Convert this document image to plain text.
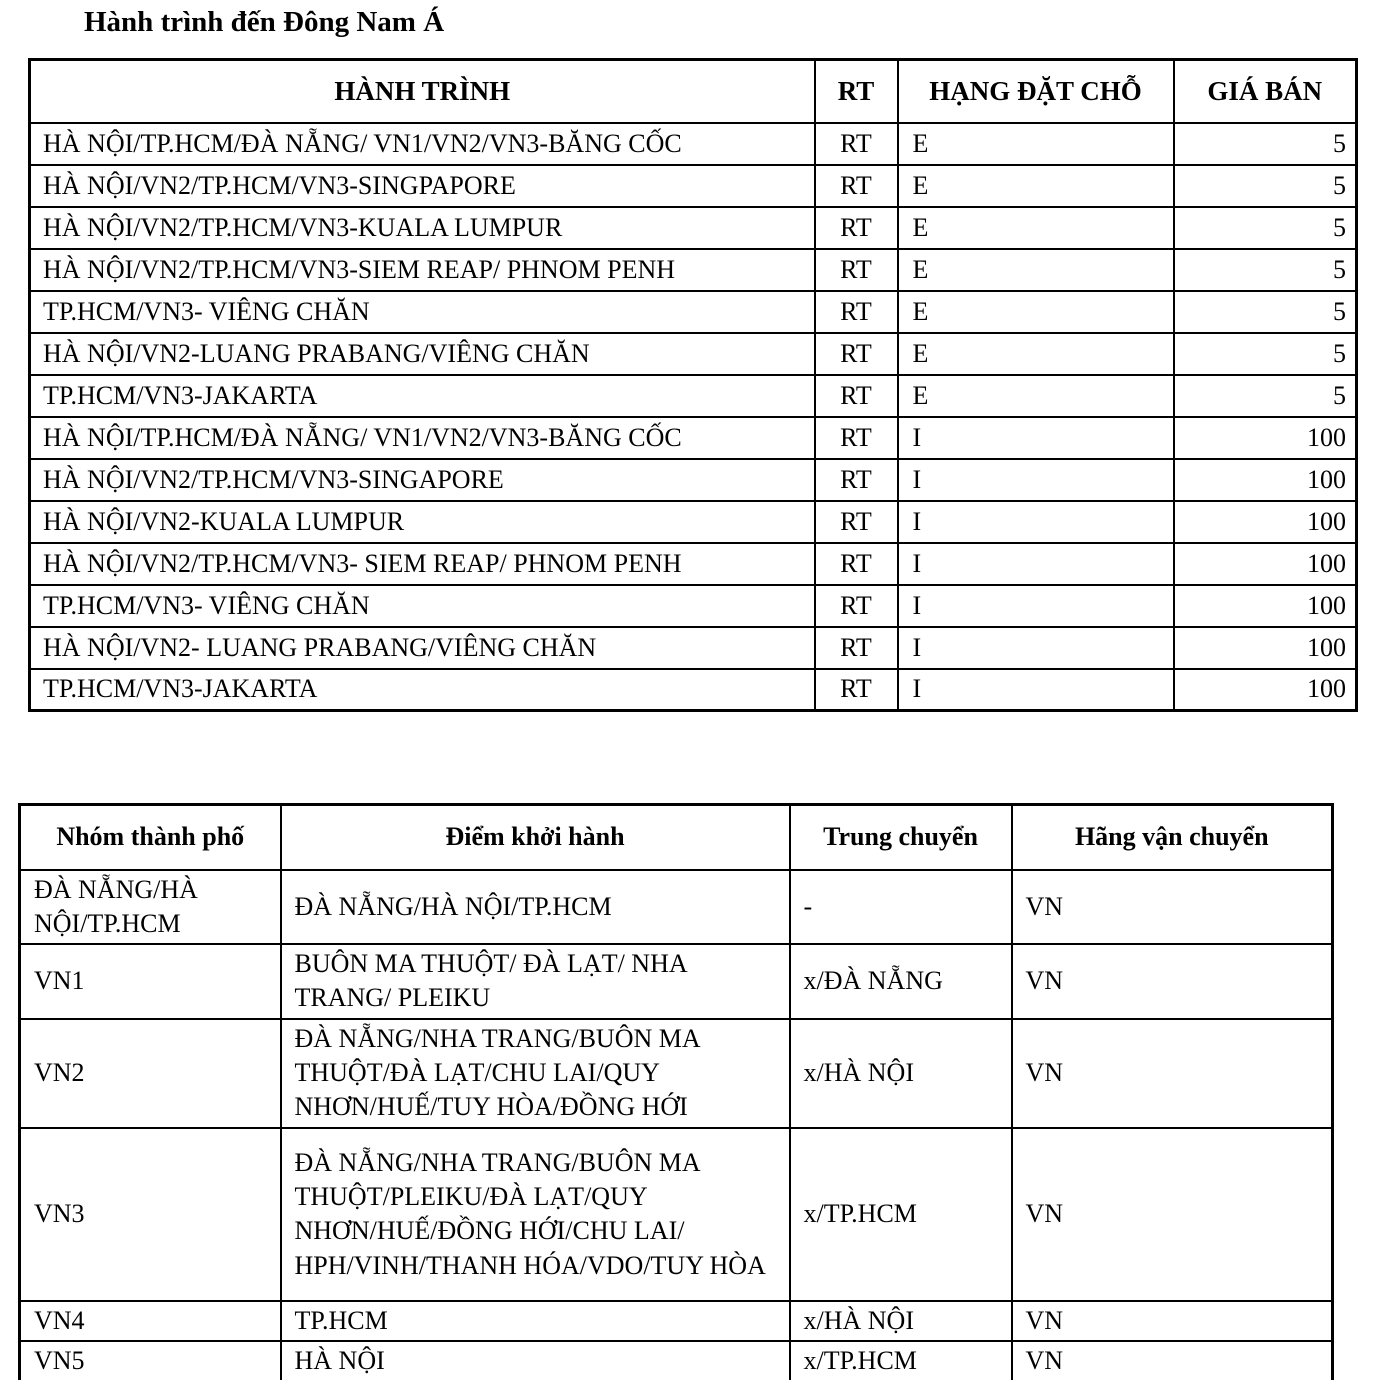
Hành trình đến Đông Nam Á
HÀNH TRÌNH	RT	HẠNG ĐẶT CHỖ	GIÁ BÁN
HÀ NỘI/TP.HCM/ĐÀ NẴNG/ VN1/VN2/VN3-BĂNG CỐC	RT	E	5
HÀ NỘI/VN2/TP.HCM/VN3-SINGPAPORE	RT	E	5
HÀ NỘI/VN2/TP.HCM/VN3-KUALA LUMPUR	RT	E	5
HÀ NỘI/VN2/TP.HCM/VN3-SIEM REAP/ PHNOM PENH	RT	E	5
TP.HCM/VN3- VIÊNG CHĂN	RT	E	5
HÀ NỘI/VN2-LUANG PRABANG/VIÊNG CHĂN	RT	E	5
TP.HCM/VN3-JAKARTA	RT	E	5
HÀ NỘI/TP.HCM/ĐÀ NẴNG/ VN1/VN2/VN3-BĂNG CỐC	RT	I	100
HÀ NỘI/VN2/TP.HCM/VN3-SINGAPORE	RT	I	100
HÀ NỘI/VN2-KUALA LUMPUR	RT	I	100
HÀ NỘI/VN2/TP.HCM/VN3- SIEM REAP/ PHNOM PENH	RT	I	100
TP.HCM/VN3- VIÊNG CHĂN	RT	I	100
HÀ NỘI/VN2- LUANG PRABANG/VIÊNG CHĂN	RT	I	100
TP.HCM/VN3-JAKARTA	RT	I	100
Nhóm thành phố	Điểm khởi hành	Trung chuyển	Hãng vận chuyển
ĐÀ NẴNG/HÀ NỘI/TP.HCM	ĐÀ NẴNG/HÀ NỘI/TP.HCM	-	VN
VN1	BUÔN MA THUỘT/ ĐÀ LẠT/ NHA TRANG/ PLEIKU	x/ĐÀ NẴNG	VN
VN2	ĐÀ NẴNG/NHA TRANG/BUÔN MA THUỘT/ĐÀ LẠT/CHU LAI/QUY NHƠN/HUẾ/TUY HÒA/ĐỒNG HỚI	x/HÀ NỘI	VN
VN3	ĐÀ NẴNG/NHA TRANG/BUÔN MA THUỘT/PLEIKU/ĐÀ LẠT/QUY NHƠN/HUẾ/ĐỒNG HỚI/CHU LAI/ HPH/VINH/THANH HÓA/VDO/TUY HÒA	x/TP.HCM	VN
VN4	TP.HCM	x/HÀ NỘI	VN
VN5	HÀ NỘI	x/TP.HCM	VN
